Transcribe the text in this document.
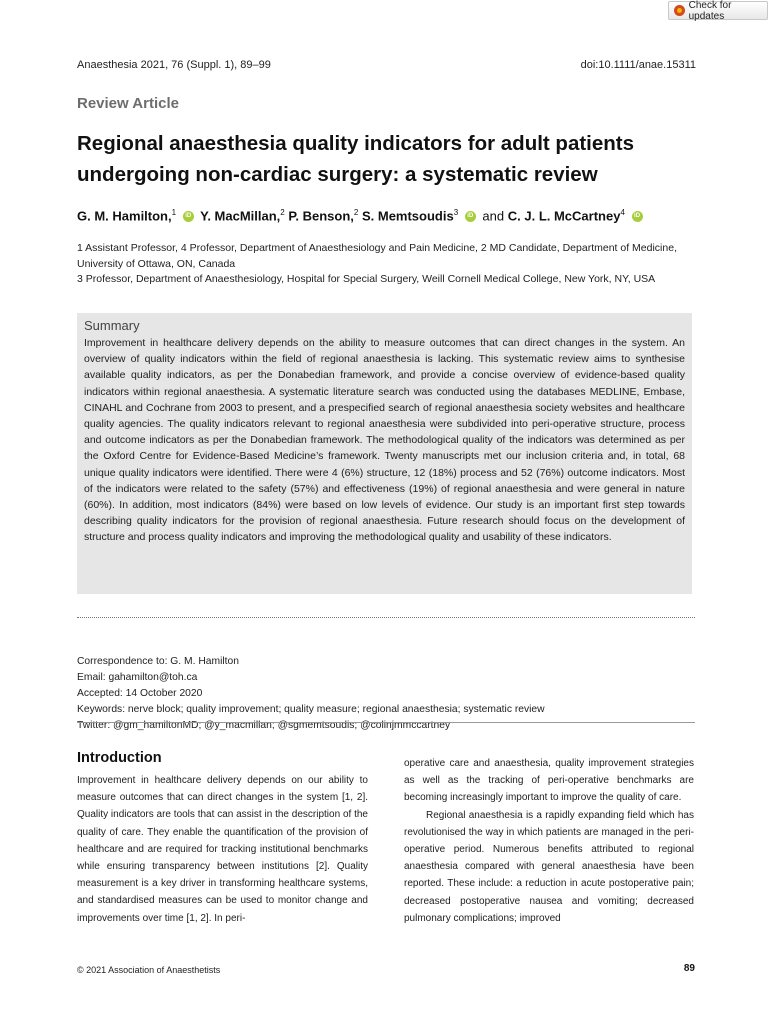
Check for updates
Anaesthesia 2021, 76 (Suppl. 1), 89–99	doi:10.1111/anae.15311
Review Article
Regional anaesthesia quality indicators for adult patients undergoing non-cardiac surgery: a systematic review
G. M. Hamilton,$^1$ iD Y. MacMillan,$^2$ P. Benson,$^2$ S. Memtsoudis$^3$ iD and C. J. L. McCartney$^4$ iD
1 Assistant Professor, 4 Professor, Department of Anaesthesiology and Pain Medicine, 2 MD Candidate, Department of Medicine, University of Ottawa, ON, Canada
3 Professor, Department of Anaesthesiology, Hospital for Special Surgery, Weill Cornell Medical College, New York, NY, USA
Summary

Improvement in healthcare delivery depends on the ability to measure outcomes that can direct changes in the system. An overview of quality indicators within the field of regional anaesthesia is lacking. This systematic review aims to synthesise available quality indicators, as per the Donabedian framework, and provide a concise overview of evidence-based quality indicators within regional anaesthesia. A systematic literature search was conducted using the databases MEDLINE, Embase, CINAHL and Cochrane from 2003 to present, and a prespecified search of regional anaesthesia society websites and healthcare quality agencies. The quality indicators relevant to regional anaesthesia were subdivided into peri-operative structure, process and outcome indicators as per the Donabedian framework. The methodological quality of the indicators was determined as per the Oxford Centre for Evidence-Based Medicine’s framework. Twenty manuscripts met our inclusion criteria and, in total, 68 unique quality indicators were identified. There were 4 (6%) structure, 12 (18%) process and 52 (76%) outcome indicators. Most of the indicators were related to the safety (57%) and effectiveness (19%) of regional anaesthesia and were general in nature (60%). In addition, most indicators (84%) were based on low levels of evidence. Our study is an important first step towards describing quality indicators for the provision of regional anaesthesia. Future research should focus on the development of structure and process quality indicators and improving the methodological quality and usability of these indicators.

Correspondence to: G. M. Hamilton
Email: gahamilton@toh.ca
Accepted: 14 October 2020
Keywords: nerve block; quality improvement; quality measure; regional anaesthesia; systematic review
Twitter: @gm_hamiltonMD; @y_macmillan; @sgmemtsoudis; @colinjmmccartney
Introduction

Improvement in healthcare delivery depends on our ability to measure outcomes that can direct changes in the system [1, 2]. Quality indicators are tools that can assist in the description of the quality of care. They enable the quantification of the provision of healthcare and are required for tracking institutional benchmarks while ensuring transparency between institutions [2]. Quality measurement is a key driver in transforming healthcare systems, and standardised measures can be used to monitor change and improvements over time [1, 2]. In peri-

operative care and anaesthesia, quality improvement strategies as well as the tracking of peri-operative benchmarks are becoming increasingly important to improve the quality of care.

Regional anaesthesia is a rapidly expanding field which has revolutionised the way in which patients are managed in the peri-operative period. Numerous benefits attributed to regional anaesthesia compared with general anaesthesia have been reported. These include: a reduction in acute postoperative pain; decreased postoperative nausea and vomiting; decreased pulmonary complications; improved

© 2021 Association of Anaesthetists	89
